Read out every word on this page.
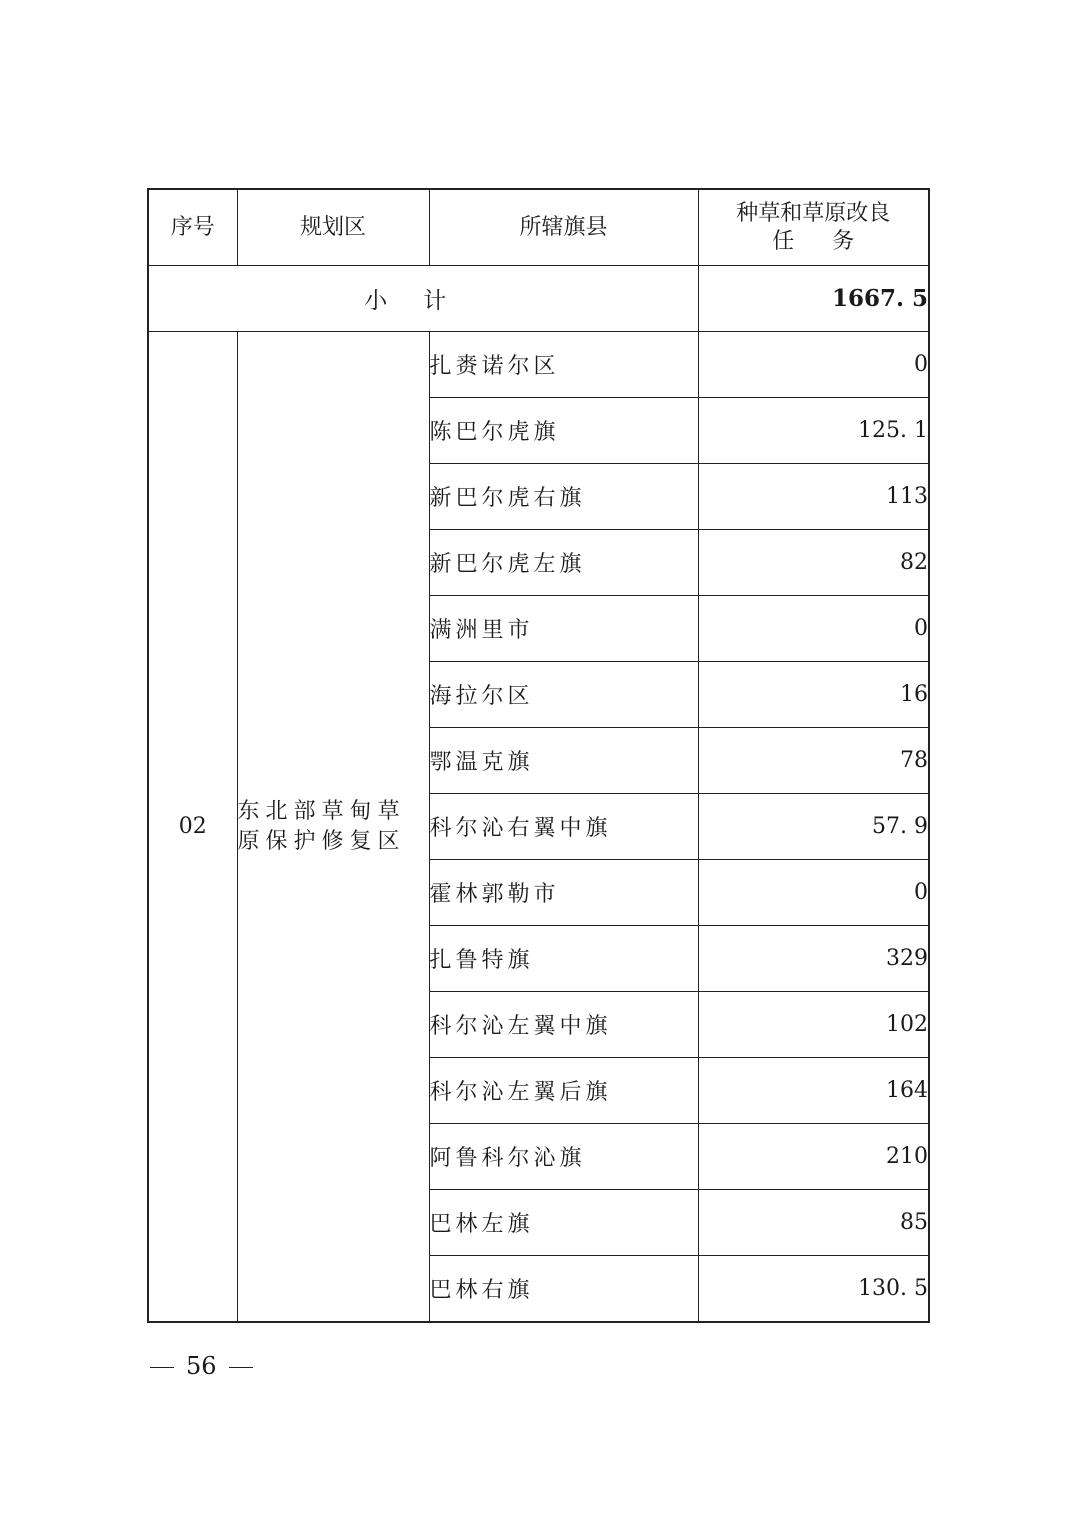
序号	规划区	所辖旗县	种草和草原改良
任务

小计			1667. 5
02	东北部草甸草原保护修复区	扎赉诺尔区	0
		陈巴尔虎旗	125. 1
		新巴尔虎右旗	113
		新巴尔虎左旗	82
		满洲里市	0
		海拉尔区	16
		鄂温克旗	78
		科尔沁右翼中旗	57. 9
		霍林郭勒市	0
		扎鲁特旗	329
		科尔沁左翼中旗	102
		科尔沁左翼后旗	164
		阿鲁科尔沁旗	210
		巴林左旗	85
		巴林右旗	130. 5
56
